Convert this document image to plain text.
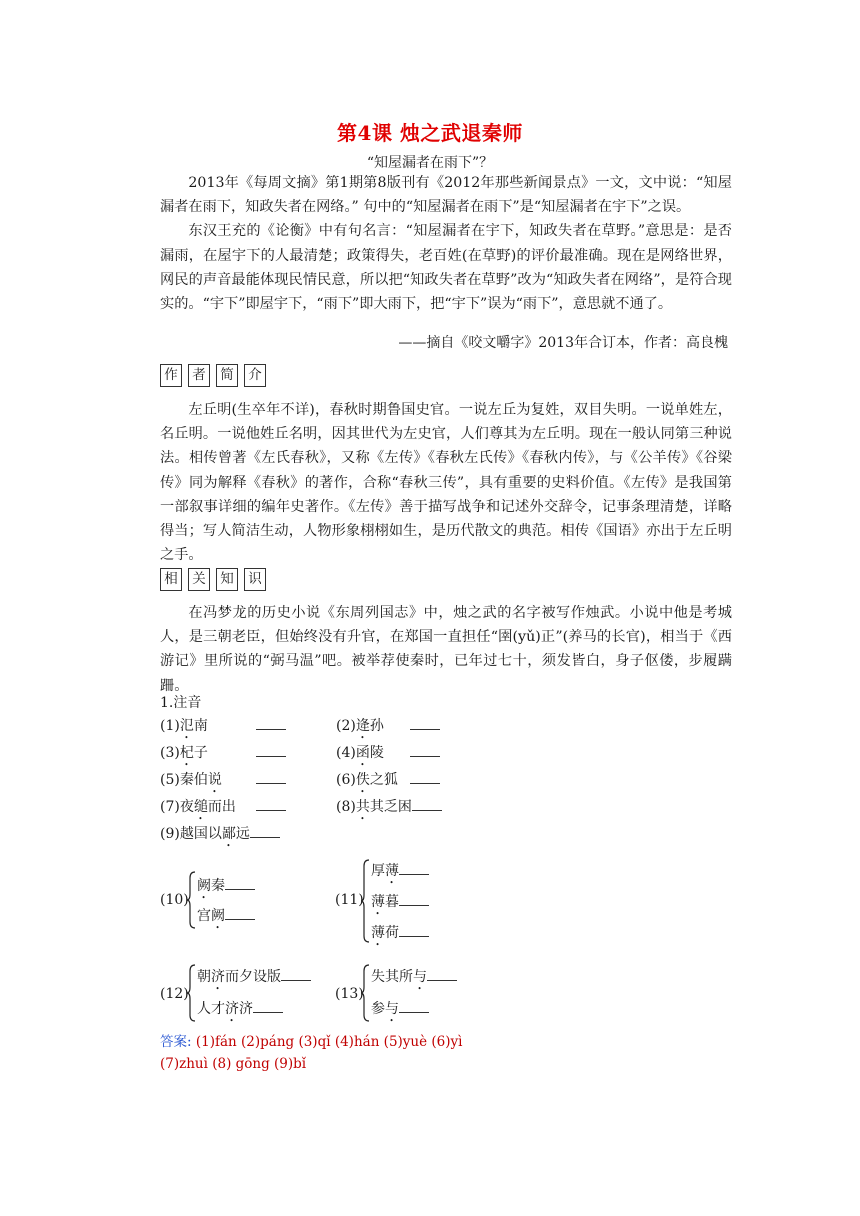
第4课 烛之武退秦师
“知屋漏者在雨下”？

2013年《每周文摘》第1期第8版刊有《2012年那些新闻景点》一文，文中说：“知屋漏者在雨下，知政失者在网络。” 句中的“知屋漏者在雨下”是“知屋漏者在宇下”之误。

东汉王充的《论衡》中有句名言：“知屋漏者在宇下，知政失者在草野。”意思是：是否漏雨，在屋宇下的人最清楚；政策得失，老百姓(在草野)的评价最准确。现在是网络世界，网民的声音最能体现民情民意，所以把“知政失者在草野”改为“知政失者在网络”，是符合现实的。“宇下”即屋宇下，“雨下”即大雨下，把“宇下”误为“雨下”，意思就不通了。

——摘自《咬文嚼字》2013年合订本，作者：高良槐
作	者	简	介

左丘明(生卒年不详)，春秋时期鲁国史官。一说左丘为复姓，双目失明。一说单姓左，名丘明。一说他姓丘名明，因其世代为左史官，人们尊其为左丘明。现在一般认同第三种说法。相传曾著《左氏春秋》，又称《左传》《春秋左氏传》《春秋内传》，与《公羊传》《谷梁传》同为解释《春秋》的著作，合称“春秋三传”，具有重要的史料价值。《左传》是我国第一部叙事详细的编年史著作。《左传》善于描写战争和记述外交辞令，记事条理清楚，详略得当；写人简洁生动，人物形象栩栩如生，是历代散文的典范。相传《国语》亦出于左丘明之手。

相	关	知	识

在冯梦龙的历史小说《东周列国志》中，烛之武的名字被写作烛武。小说中他是考城人，是三朝老臣，但始终没有升官，在郑国一直担任“圉(yǔ)正”(养马的长官)，相当于《西游记》里所说的“弼马温”吧。被举荐使秦时，已年过七十，须发皆白，身子伛偻，步履蹒跚。

1.注音
(1)氾南	(2)逄孙
(3)杞子	(4)函陵
(5)秦伯说	(6)佚之狐
(7)夜缒而出	(8)共其乏困
(9)越国以鄙远
(10)
阙秦
宫阙
(11)
厚薄
薄暮
薄荷
(12)
朝济而夕设版
人才济济
(13)
失其所与
参与
答案: (1)fán (2)páng (3)qǐ (4)hán (5)yuè (6)yì
(7)zhuì (8) gōng (9)bǐ
